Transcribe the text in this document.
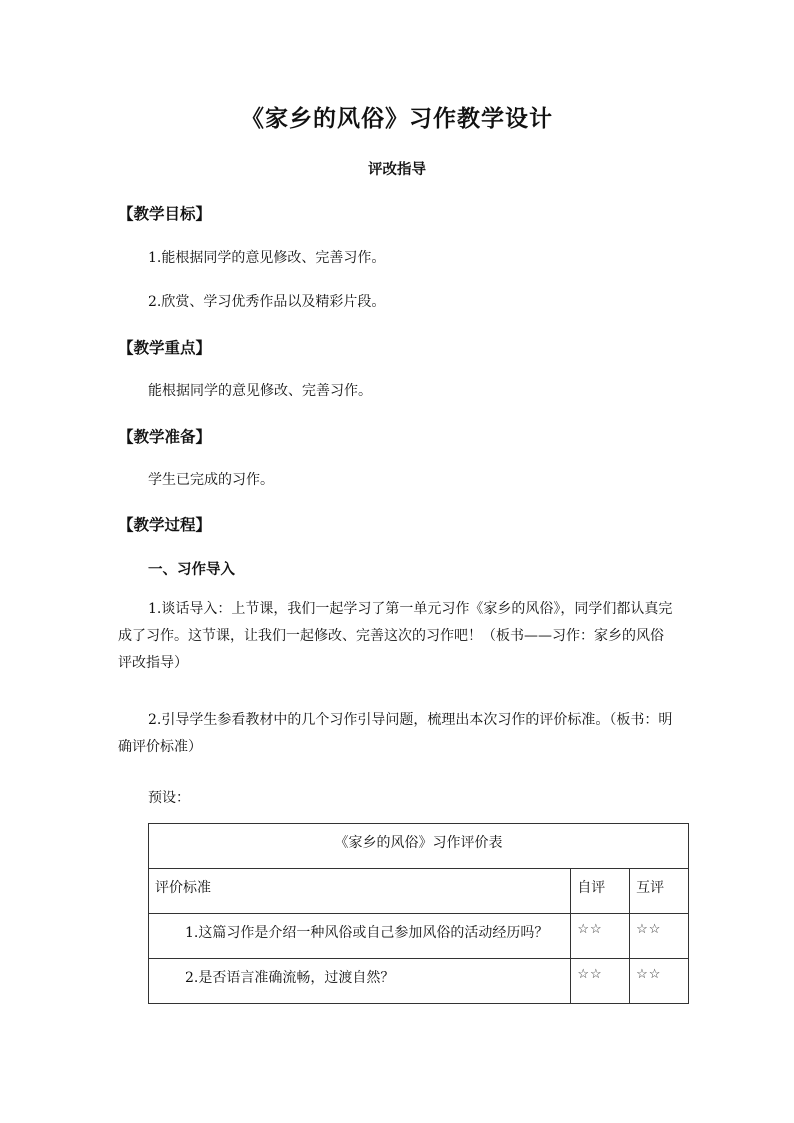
《家乡的风俗》习作教学设计
评改指导
【教学目标】
1.能根据同学的意见修改、完善习作。
2.欣赏、学习优秀作品以及精彩片段。
【教学重点】
能根据同学的意见修改、完善习作。
【教学准备】
学生已完成的习作。
【教学过程】
一、习作导入
1.谈话导入：上节课，我们一起学习了第一单元习作《家乡的风俗》，同学们都认真完成了习作。这节课，让我们一起修改、完善这次的习作吧！（板书——习作：家乡的风俗 评改指导）
2.引导学生参看教材中的几个习作引导问题，梳理出本次习作的评价标准。（板书：明确评价标准）
预设：
《家乡的风俗》习作评价表		
评价标准	自评	互评
1.这篇习作是介绍一种风俗或自己参加风俗的活动经历吗？	☆☆	☆☆
2.是否语言准确流畅，过渡自然？	☆☆	☆☆
